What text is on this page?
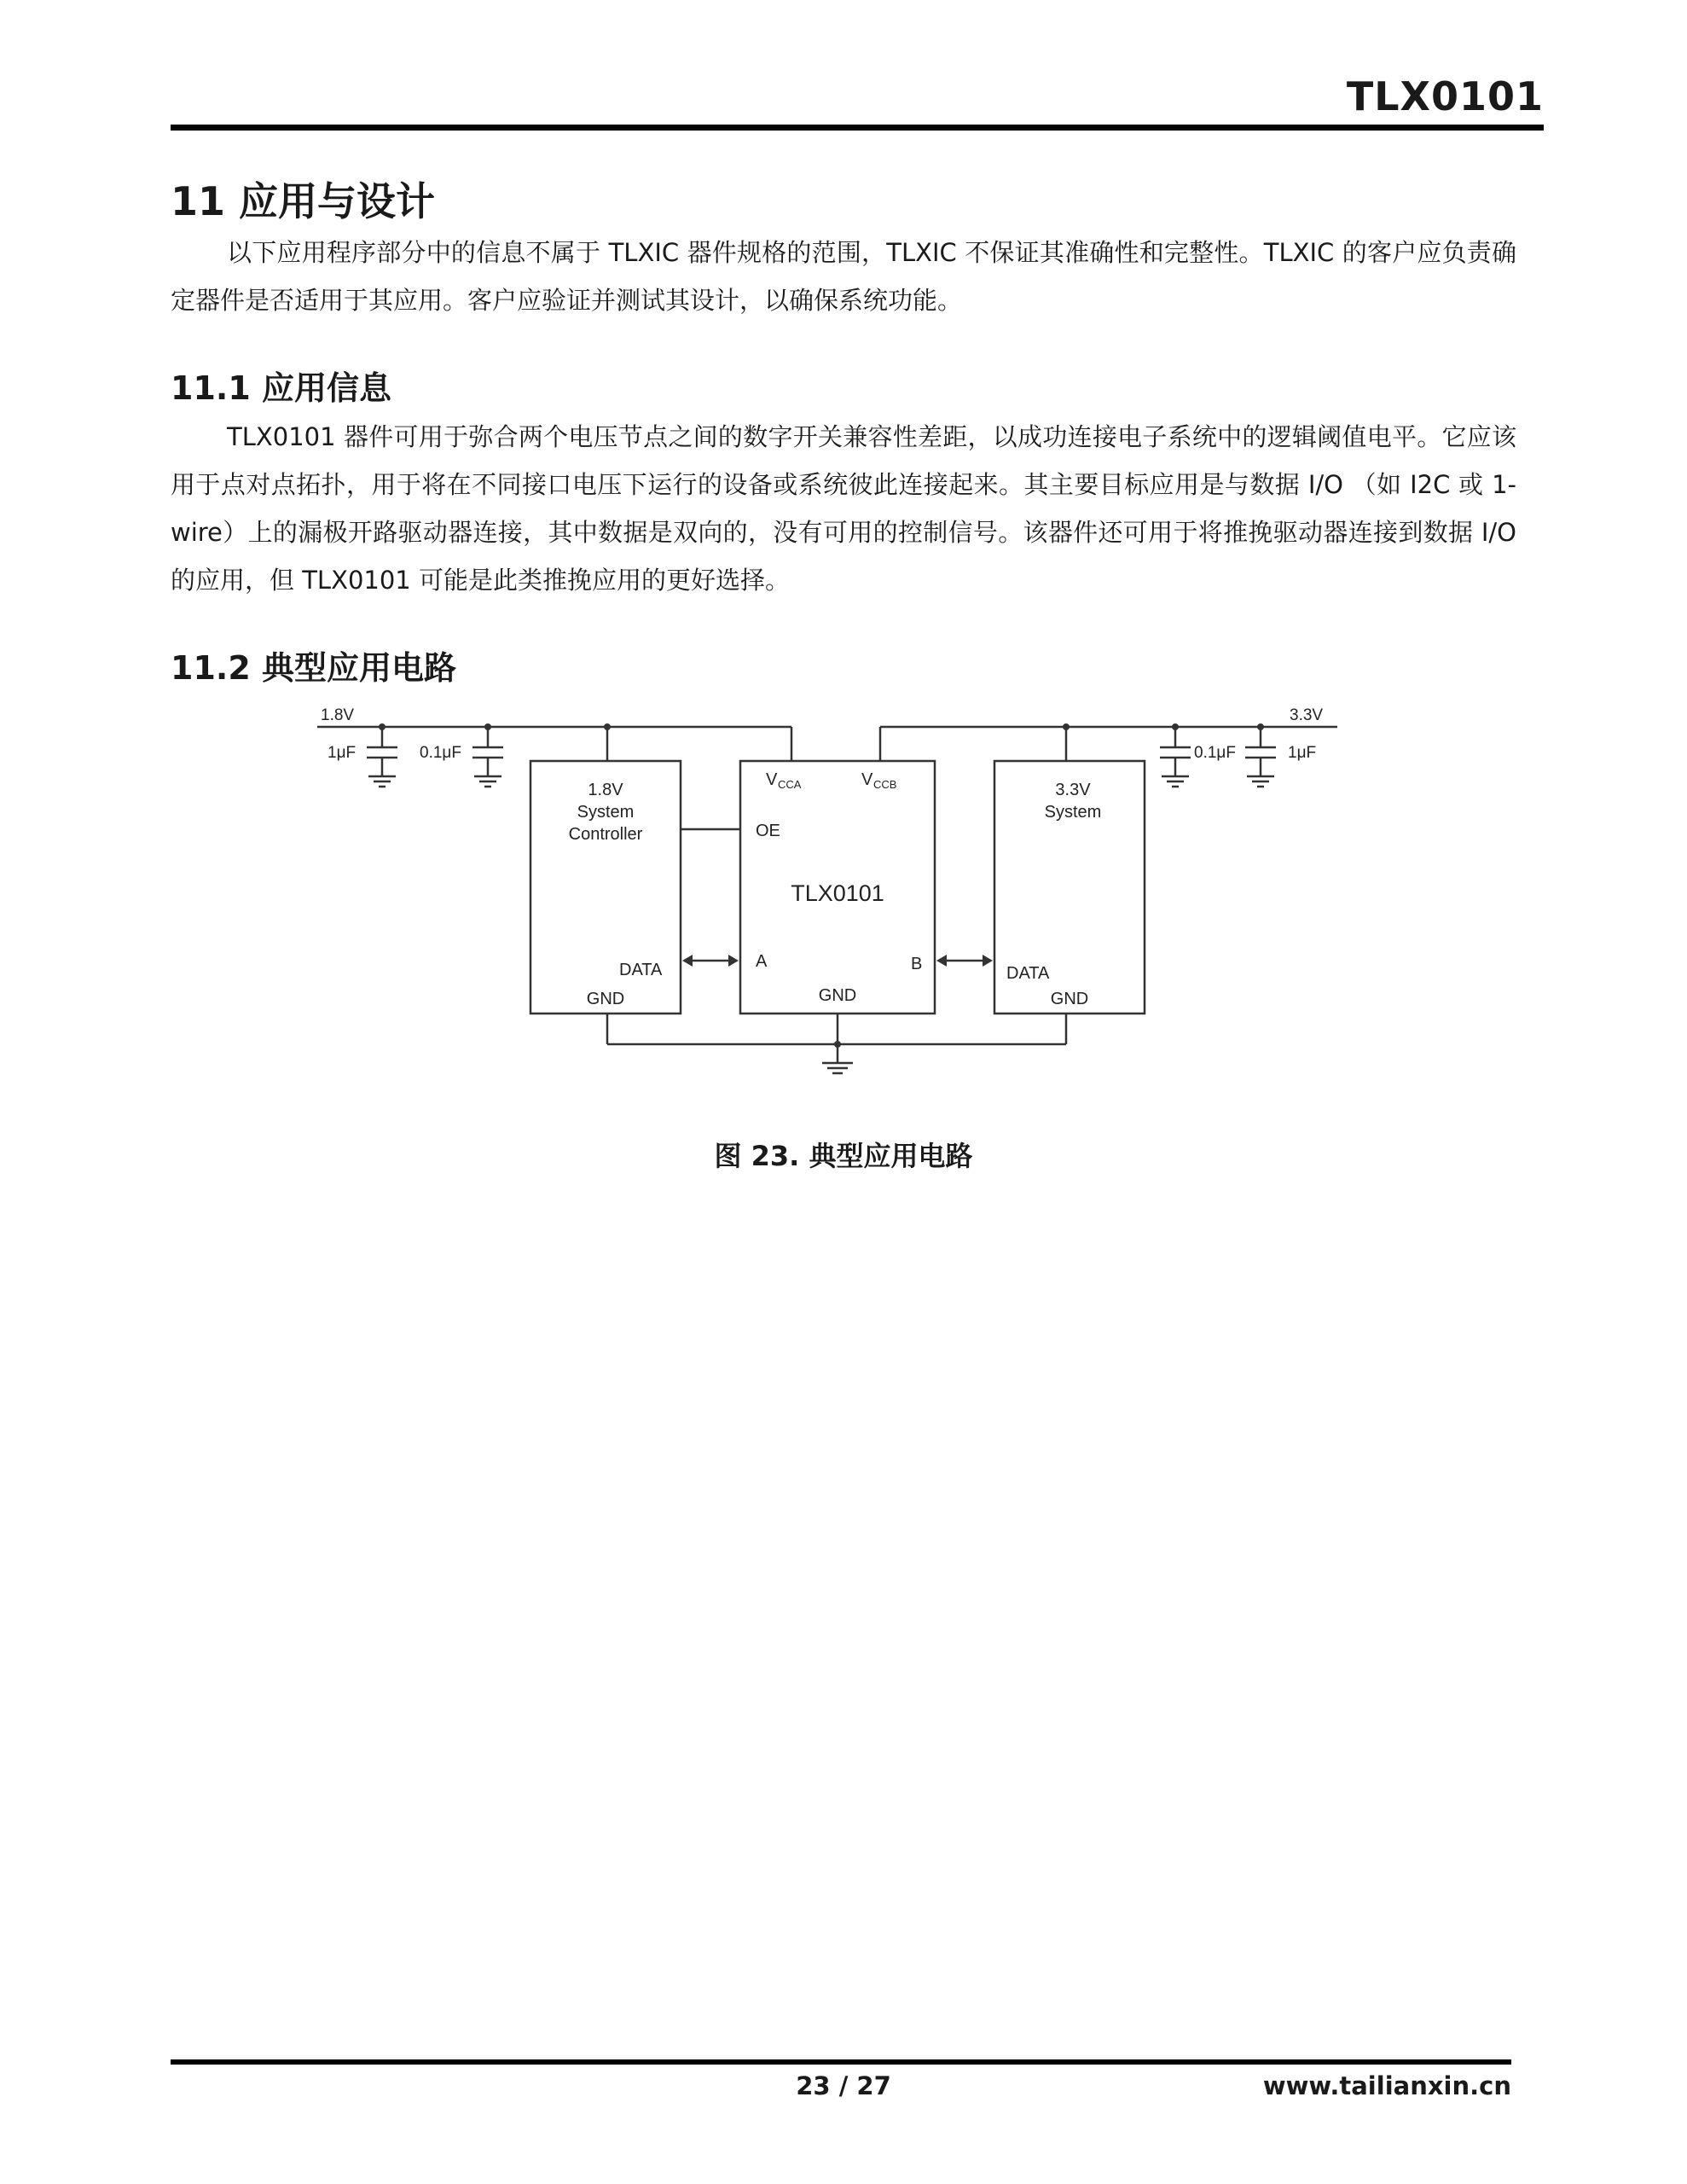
TLX0101
11 应用与设计

以下应用程序部分中的信息不属于 TLXIC 器件规格的范围，TLXIC 不保证其准确性和完整性。TLXIC 的客户应负责确定器件是否适用于其应用。客户应验证并测试其设计，以确保系统功能。

11.1 应用信息

TLX0101 器件可用于弥合两个电压节点之间的数字开关兼容性差距，以成功连接电子系统中的逻辑阈值电平。它应该用于点对点拓扑，用于将在不同接口电压下运行的设备或系统彼此连接起来。其主要目标应用是与数据 I/O （如 I2C 或 1-wire）上的漏极开路驱动器连接，其中数据是双向的，没有可用的控制信号。该器件还可用于将推挽驱动器连接到数据 I/O 的应用，但 TLX0101 可能是此类推挽应用的更好选择。

11.2 典型应用电路
1.8V	3.3V
1μF	0.1μF	0.1μF	1μF
1.8V
System
Controller
3.3V
System
GND	GND	GND
DATA	DATA
OE
A	B
V CCA	V CCB
TLX0101
图 23. 典型应用电路
23 / 27	www.tailianxin.cn
